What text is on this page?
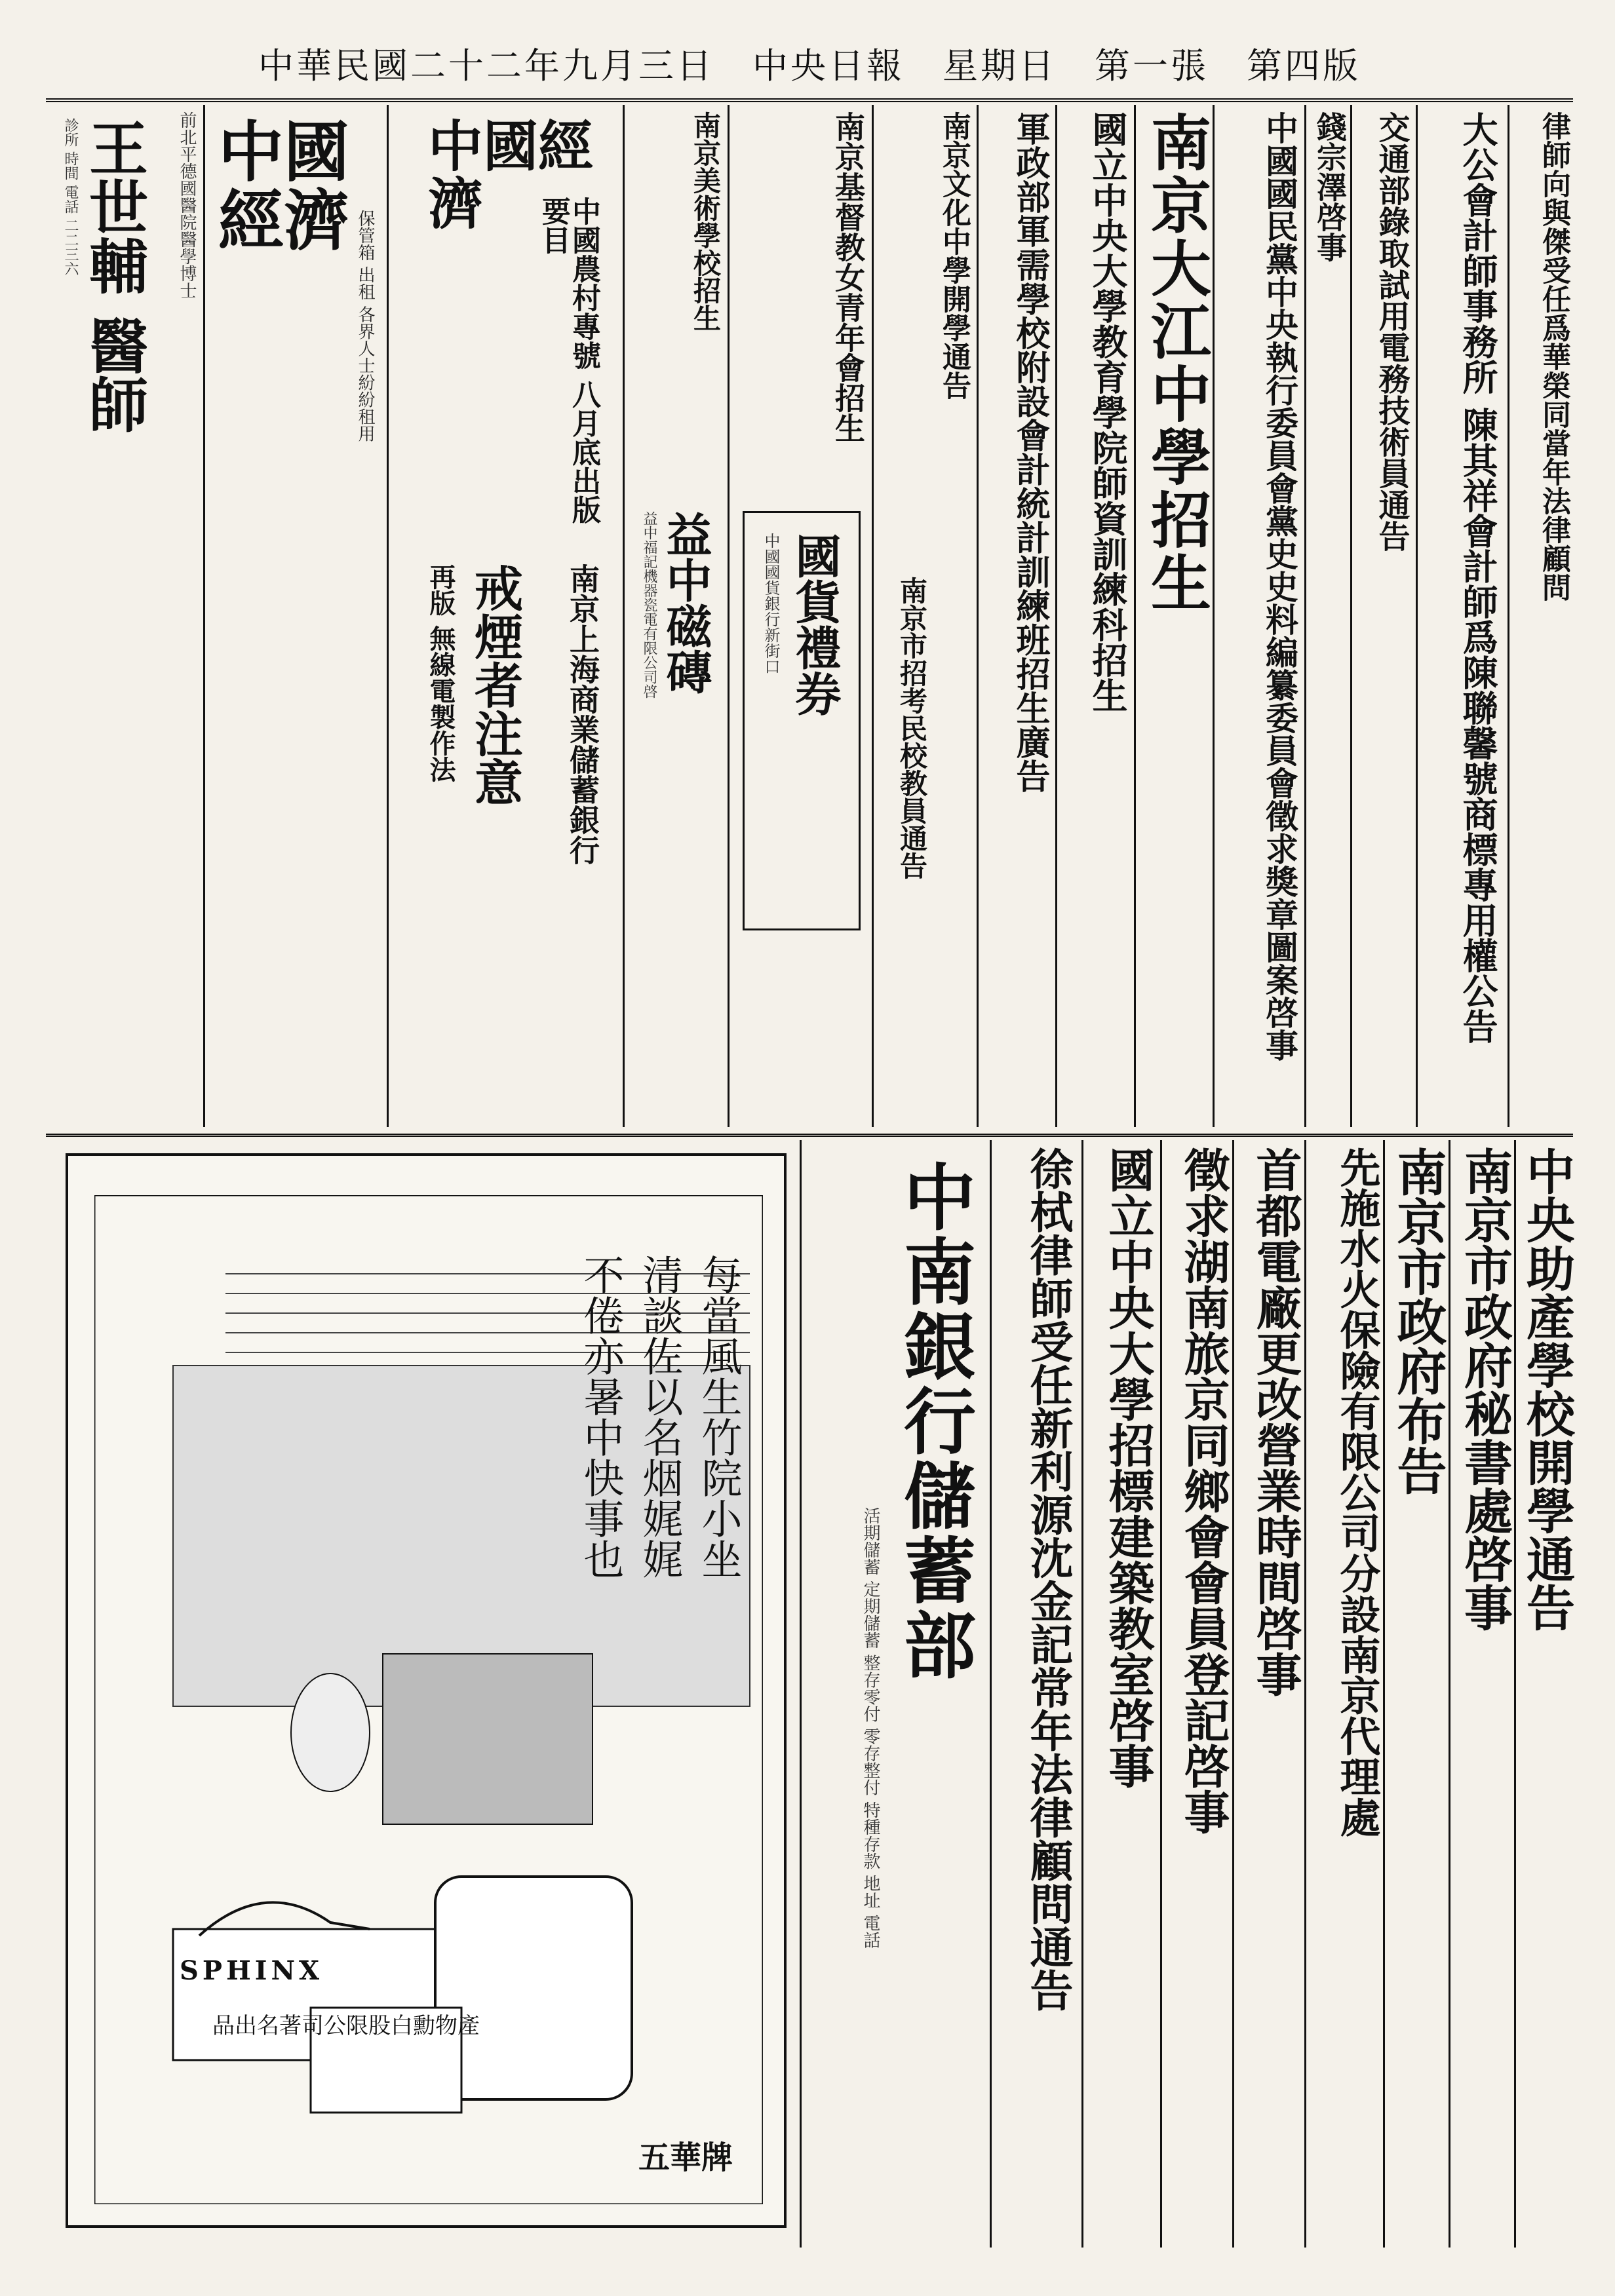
中華民國二十二年九月三日　中央日報　星期日　第一張　第四版
律師向與傑受任爲華榮同當年法律顧問
大公會計師事務所 陳其祥會計師爲陳聯馨號商標專用權公告
交通部錄取試用電務技術員通告
錢宗澤啓事
中國國民黨中央執行委員會黨史史料編纂委員會徵求獎章圖案啓事
南京大江中學招生
國立中央大學教育學院師資訓練科招生
軍政部軍需學校附設會計統計訓練班招生廣告
南京文化中學開學通告
南京市招考民校教員通告
南京基督教女青年會招生
國貨禮券
中國國貨銀行新街口
南京美術學校招生
益中磁磚
益中福記機器瓷電有限公司啓
中國經濟	中國農村專號 八月底出版 要目
南京上海商業儲蓄銀行
戒煙者注意
再版 無線電製作法
中國經濟 保管箱 出租 各界人士紛紛租用
前北平德國醫院醫學博士
王世輔 醫師
診所 時間 電話 二二三六
中央助產學校開學通告
南京市政府秘書處啓事
南京市政府布告
先施水火保險有限公司分設南京代理處
首都電廠更改營業時間啓事
徵求湖南旅京同鄉會會員登記啓事
國立中央大學招標建築教室啓事
徐栻律師受任新利源沈金記常年法律顧問通告
中南銀行儲蓄部
活期儲蓄 定期儲蓄 整存零付 零存整付 特種存款 地址 電話
每當風生竹院小坐
清談佐以名烟娓娓
不倦亦暑中快事也
SPHINX
品出名著司公限股白勳物產
五華牌
